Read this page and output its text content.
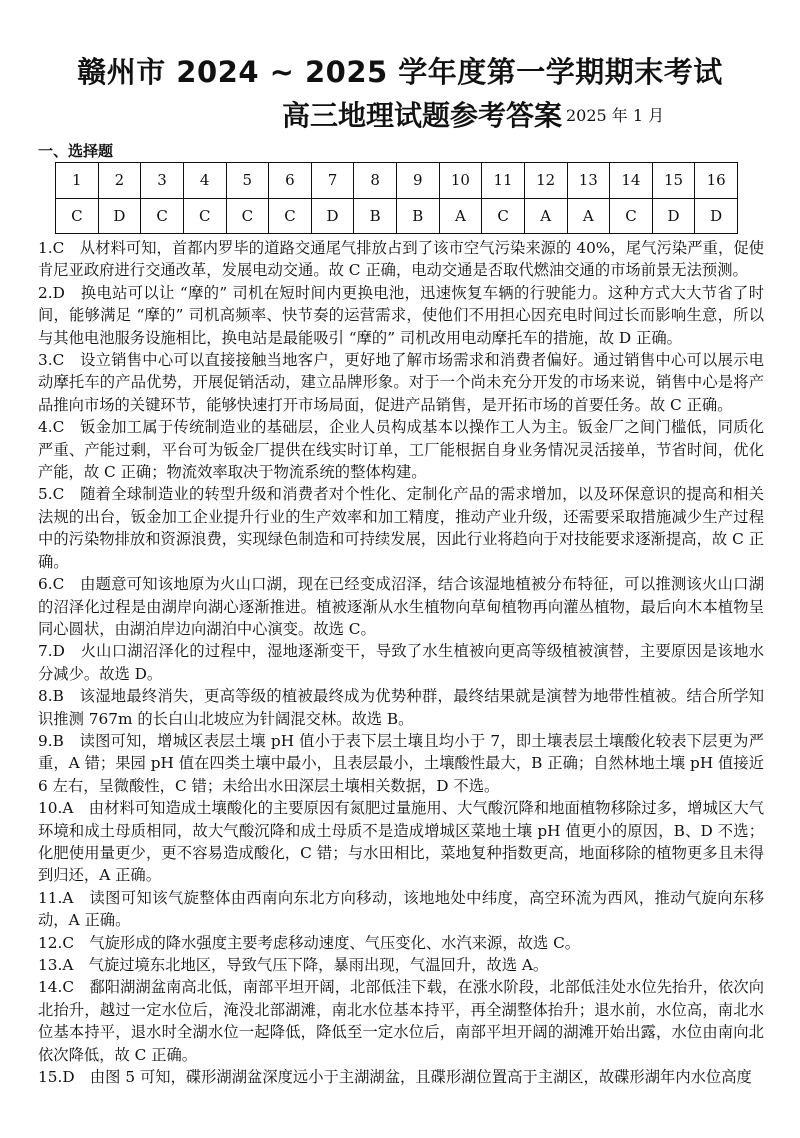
赣州市 2024 ~ 2025 学年度第一学期期末考试
高三地理试题参考答案 2025 年 1 月
一、选择题
1	2	3	4	5	6	7	8	9	10	11	12	13	14	15	16
C	D	C	C	C	C	D	B	B	A	C	A	A	C	D	D

1.C　从材料可知，首都内罗毕的道路交通尾气排放占到了该市空气污染来源的 40%，尾气污染严重，促使肯尼亚政府进行交通改革，发展电动交通。故 C 正确，电动交通是否取代燃油交通的市场前景无法预测。

2.D　换电站可以让 “摩的” 司机在短时间内更换电池，迅速恢复车辆的行驶能力。这种方式大大节省了时间，能够满足 “摩的” 司机高频率、快节奏的运营需求，使他们不用担心因充电时间过长而影响生意，所以与其他电池服务设施相比，换电站是最能吸引 “摩的” 司机改用电动摩托车的措施，故 D 正确。

3.C　设立销售中心可以直接接触当地客户，更好地了解市场需求和消费者偏好。通过销售中心可以展示电动摩托车的产品优势，开展促销活动，建立品牌形象。对于一个尚未充分开发的市场来说，销售中心是将产品推向市场的关键环节，能够快速打开市场局面，促进产品销售，是开拓市场的首要任务。故 C 正确。

4.C　钣金加工属于传统制造业的基础层，企业人员构成基本以操作工人为主。钣金厂之间门槛低，同质化严重、产能过剩，平台可为钣金厂提供在线实时订单，工厂能根据自身业务情况灵活接单，节省时间，优化产能，故 C 正确；物流效率取决于物流系统的整体构建。

5.C　随着全球制造业的转型升级和消费者对个性化、定制化产品的需求增加，以及环保意识的提高和相关法规的出台，钣金加工企业提升行业的生产效率和加工精度，推动产业升级，还需要采取措施减少生产过程中的污染物排放和资源浪费，实现绿色制造和可持续发展，因此行业将趋向于对技能要求逐渐提高，故 C 正确。

6.C　由题意可知该地原为火山口湖，现在已经变成沼泽，结合该湿地植被分布特征，可以推测该火山口湖的沼泽化过程是由湖岸向湖心逐渐推进。植被逐渐从水生植物向草甸植物再向灌丛植物，最后向木本植物呈同心圆状，由湖泊岸边向湖泊中心演变。故选 C。

7.D　火山口湖沼泽化的过程中，湿地逐渐变干，导致了水生植被向更高等级植被演替，主要原因是该地水分减少。故选 D。

8.B　该湿地最终消失，更高等级的植被最终成为优势种群，最终结果就是演替为地带性植被。结合所学知识推测 767m 的长白山北坡应为针阔混交林。故选 B。

9.B　读图可知，增城区表层土壤 pH 值小于表下层土壤且均小于 7，即土壤表层土壤酸化较表下层更为严重，A 错；果园 pH 值在四类土壤中最小，且表层最小，土壤酸性最大，B 正确；自然林地土壤 pH 值接近 6 左右，呈微酸性，C 错；未给出水田深层土壤相关数据，D 不选。

10.A　由材料可知造成土壤酸化的主要原因有氮肥过量施用、大气酸沉降和地面植物移除过多，增城区大气环境和成土母质相同，故大气酸沉降和成土母质不是造成增城区菜地土壤 pH 值更小的原因，B、D 不选；化肥使用量更少，更不容易造成酸化，C 错；与水田相比，菜地复种指数更高，地面移除的植物更多且未得到归还，A 正确。

11.A　读图可知该气旋整体由西南向东北方向移动，该地地处中纬度，高空环流为西风，推动气旋向东移动，A 正确。

12.C　气旋形成的降水强度主要考虑移动速度、气压变化、水汽来源，故选 C。

13.A　气旋过境东北地区，导致气压下降，暴雨出现，气温回升，故选 A。

14.C　鄱阳湖湖盆南高北低，南部平坦开阔，北部低洼下载，在涨水阶段，北部低洼处水位先抬升，依次向北抬升，越过一定水位后，淹没北部湖滩，南北水位基本持平，再全湖整体抬升；退水前，水位高，南北水位基本持平，退水时全湖水位一起降低，降低至一定水位后，南部平坦开阔的湖滩开始出露，水位由南向北依次降低，故 C 正确。

15.D　由图 5 可知，碟形湖湖盆深度远小于主湖湖盆，且碟形湖位置高于主湖区，故碟形湖年内水位高度
